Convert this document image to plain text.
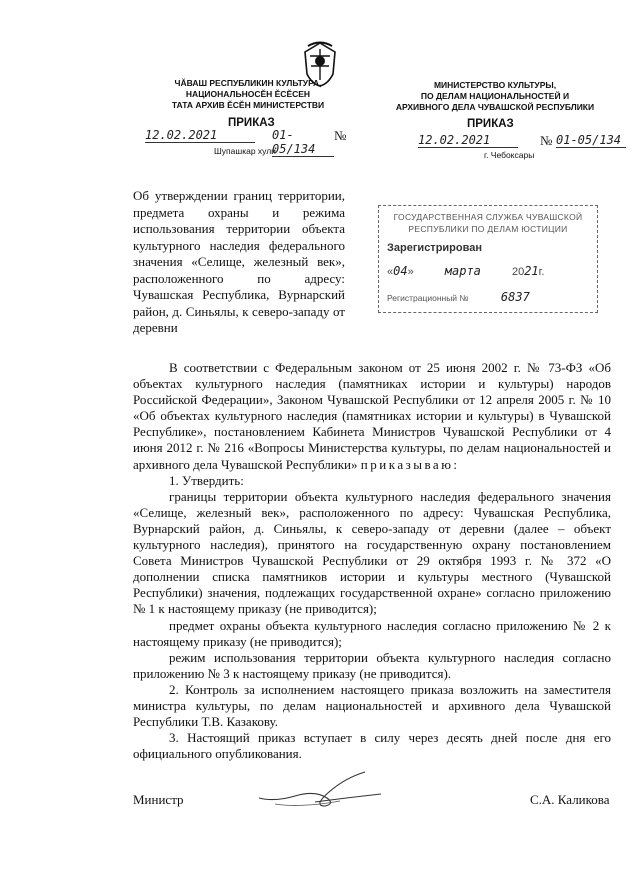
ЧӐВАШ РЕСПУБЛИКИН КУЛЬТУРА,
НАЦИОНАЛЬНОСĔН ĔСĔСЕН
ТАТА АРХИВ ĔСĔН МИНИСТЕРСТВИ
МИНИСТЕРСТВО КУЛЬТУРЫ,
ПО ДЕЛАМ НАЦИОНАЛЬНОСТЕЙ И
АРХИВНОГО ДЕЛА ЧУВАШСКОЙ РЕСПУБЛИКИ
ПРИКАЗ
12.02.2021	01-05/134
№
Шупашкар хули
ПРИКАЗ
12.02.2021	№ 01-05/134
г. Чебоксары
Об утверждении границ территории, предмета охраны и режима использования территории объекта культурного наследия федерального значения «Селище, железный век», расположенного по адресу: Чувашская Республика, Вурнарский район, д. Синьялы, к северо-западу от деревни
ГОСУДАРСТВЕННАЯ СЛУЖБА ЧУВАШСКОЙ
РЕСПУБЛИКИ ПО ДЕЛАМ ЮСТИЦИИ
Зарегистрирован
«04»	марта	2021г.
Регистрационный №	6837

В соответствии с Федеральным законом от 25 июня 2002 г. № 73-ФЗ «Об объектах культурного наследия (памятниках истории и культуры) народов Российской Федерации», Законом Чувашской Республики от 12 апреля 2005 г. № 10 «Об объектах культурного наследия (памятниках истории и культуры) в Чувашской Республике», постановлением Кабинета Министров Чувашской Республики от 4 июня 2012 г. № 216 «Вопросы Министерства культуры, по делам национальностей и архивного дела Чувашской Республики» приказываю:

1. Утвердить:

границы территории объекта культурного наследия федерального значения «Селище, железный век», расположенного по адресу: Чувашская Республика, Вурнарский район, д. Синьялы, к северо-западу от деревни (далее – объект культурного наследия), принятого на государственную охрану постановлением Совета Министров Чувашской Республики от 29 октября 1993 г. № 372 «О дополнении списка памятников истории и культуры местного (Чувашской Республики) значения, подлежащих государственной охране» согласно приложению № 1 к настоящему приказу (не приводится);

предмет охраны объекта культурного наследия согласно приложению № 2 к настоящему приказу (не приводится);

режим использования территории объекта культурного наследия согласно приложению № 3 к настоящему приказу (не приводится).

2. Контроль за исполнением настоящего приказа возложить на заместителя министра культуры, по делам национальностей и архивного дела Чувашской Республики Т.В. Казакову.

3. Настоящий приказ вступает в силу через десять дней после дня его официального опубликования.

Министр	С.А. Каликова
